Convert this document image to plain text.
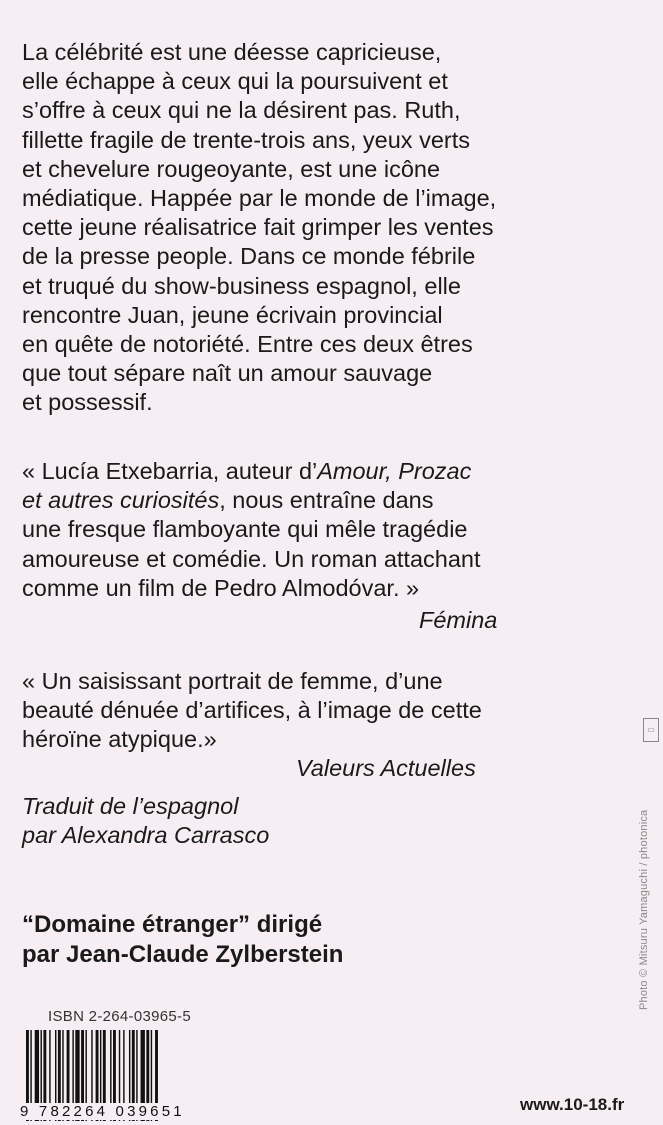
La célébrité est une déesse capricieuse,

elle échappe à ceux qui la poursuivent et

s’offre à ceux qui ne la désirent pas. Ruth,

fillette fragile de trente-trois ans, yeux verts

et chevelure rougeoyante, est une icône

médiatique. Happée par le monde de l’image,

cette jeune réalisatrice fait grimper les ventes

de la presse people. Dans ce monde fébrile

et truqué du show-business espagnol, elle

rencontre Juan, jeune écrivain provincial

en quête de notoriété. Entre ces deux êtres

que tout sépare naît un amour sauvage

et possessif.

« Lucía Etxebarria, auteur d’Amour, Prozac

et autres curiosités, nous entraîne dans

une fresque flamboyante qui mêle tragédie

amoureuse et comédie. Un roman attachant

comme un film de Pedro Almodóvar. »

Fémina

« Un saisissant portrait de femme, d’une

beauté dénuée d’artifices, à l’image de cette

héroïne atypique.»

Valeurs Actuelles

Traduit de l’espagnol

par Alexandra Carrasco

“Domaine étranger” dirigé

par Jean-Claude Zylberstein

▭
Photo © Mitsuru Yamaguchi / photonica
ISBN 2-264-03965-5
9 782264 039651	www.10-18.fr
